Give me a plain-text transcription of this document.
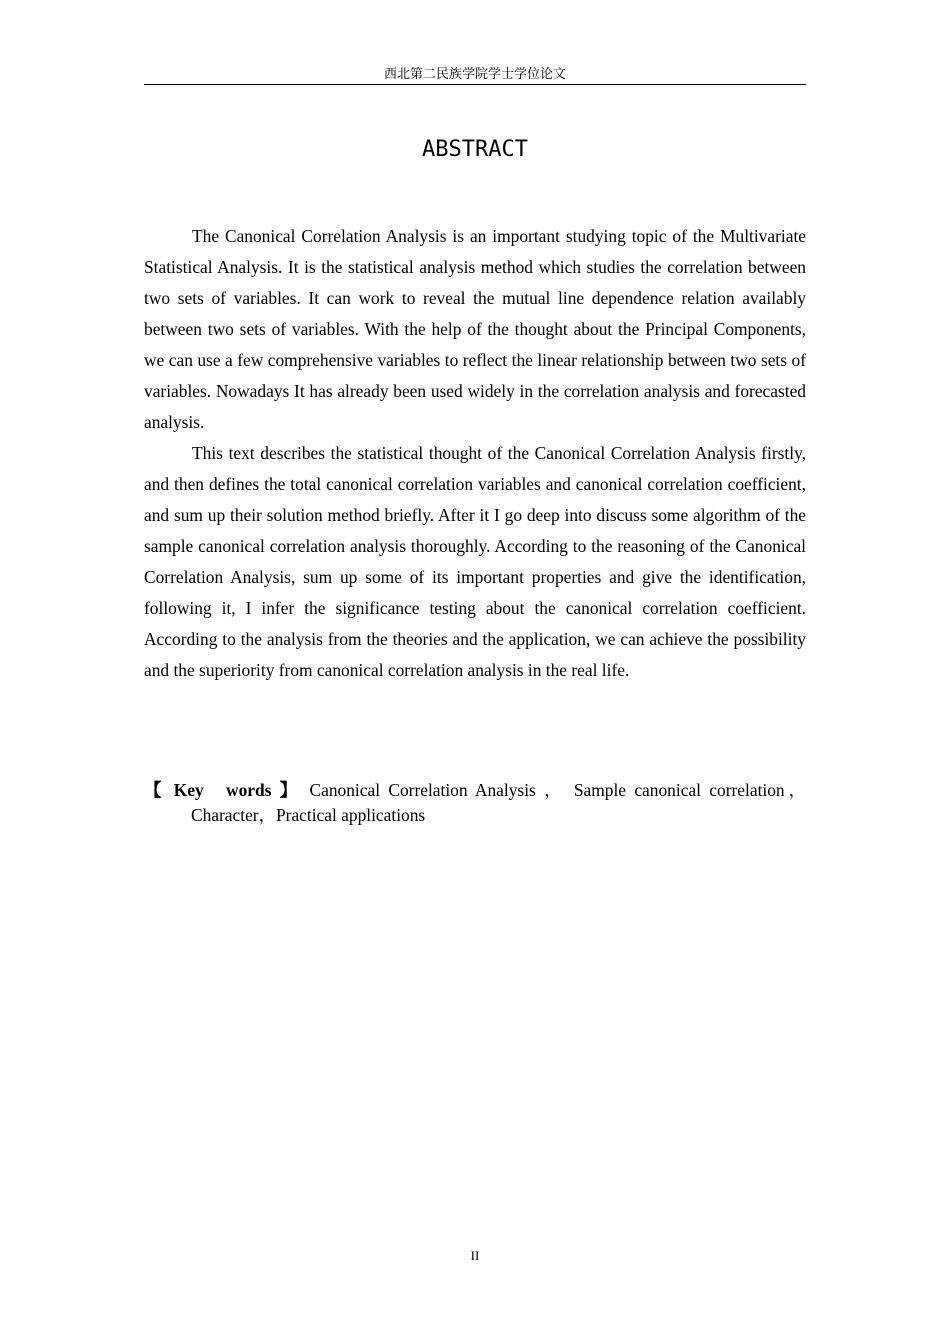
西北第二民族学院学士学位论文
ABSTRACT

The Canonical Correlation Analysis is an important studying topic of the Multivariate Statistical Analysis. It is the statistical analysis method which studies the correlation between two sets of variables. It can work to reveal the mutual line dependence relation availably between two sets of variables. With the help of the thought about the Principal Components, we can use a few comprehensive variables to reflect the linear relationship between two sets of variables. Nowadays It has already been used widely in the correlation analysis and forecasted analysis.

This text describes the statistical thought of the Canonical Correlation Analysis firstly, and then defines the total canonical correlation variables and canonical correlation coefficient, and sum up their solution method briefly. After it I go deep into discuss some algorithm of the sample canonical correlation analysis thoroughly. According to the reasoning of the Canonical Correlation Analysis, sum up some of its important properties and give the identification, following it, I infer the significance testing about the canonical correlation coefficient. According to the analysis from the theories and the application, we can achieve the possibility and the superiority from canonical correlation analysis in the real life.

【 Key words 】 Canonical Correlation Analysis ， Sample canonical correlation，Character，Practical applications
II
